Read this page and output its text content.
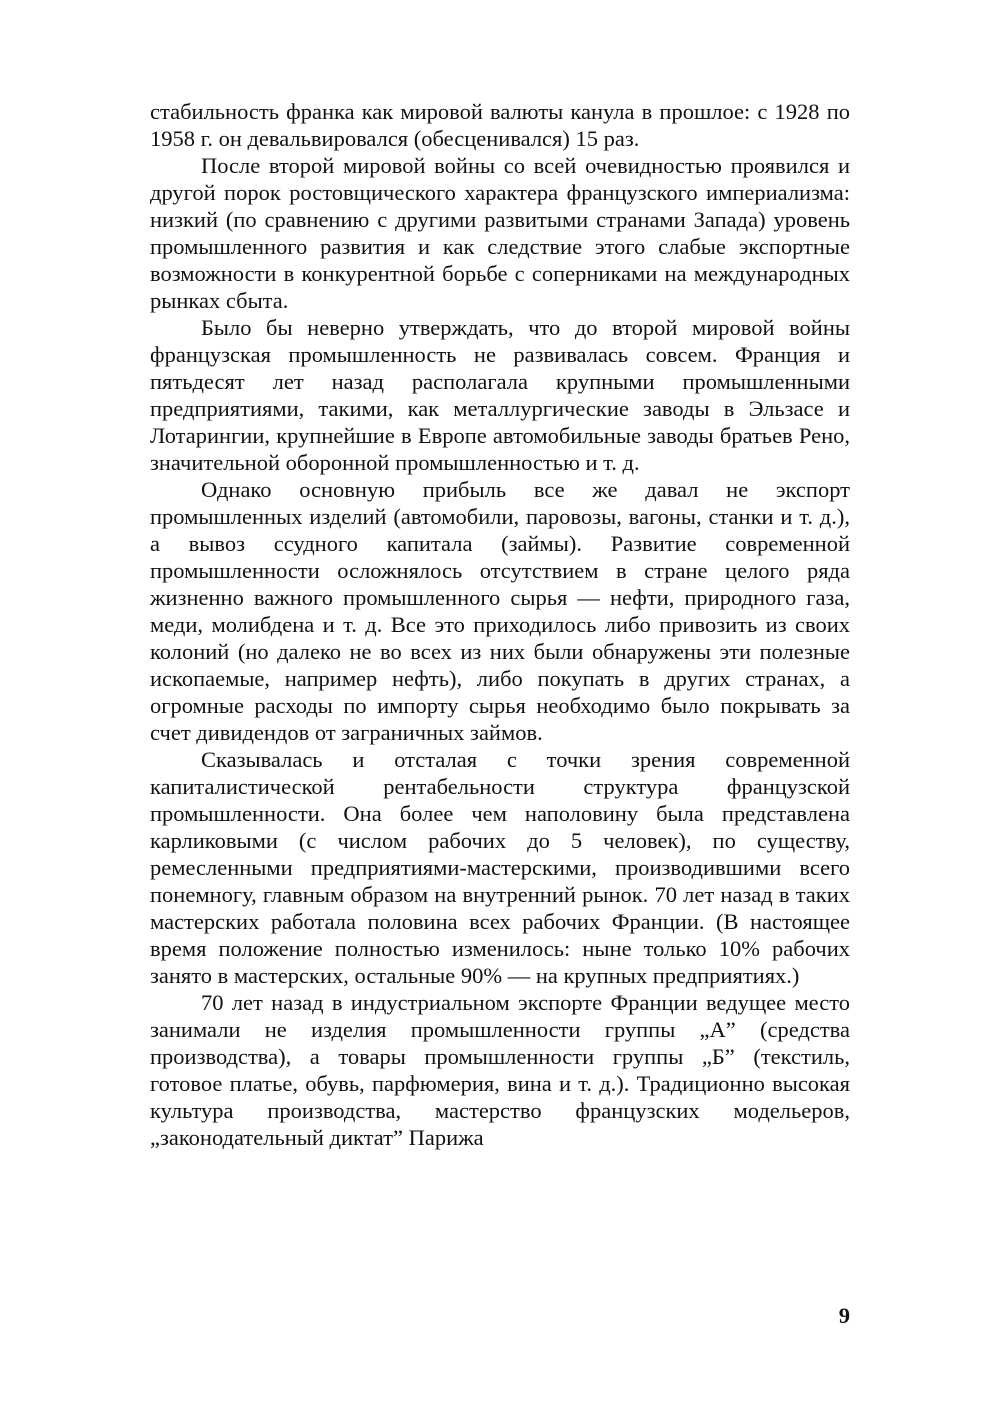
стабильность франка как мировой валюты канула в прошлое: с 1928 по 1958 г. он девальвировался (обесценивался) 15 раз.

После второй мировой войны со всей очевидностью проявился и другой порок ростовщического характера французского империализма: низкий (по сравнению с другими развитыми странами Запада) уровень промышленного развития и как следствие этого слабые экспортные возможности в конкурентной борьбе с соперниками на международных рынках сбыта.

Было бы неверно утверждать, что до второй мировой войны французская промышленность не развивалась совсем. Франция и пятьдесят лет назад располагала крупными промышленными предприятиями, такими, как металлургические заводы в Эльзасе и Лотарингии, крупнейшие в Европе автомобильные заводы братьев Рено, значительной оборонной промышленностью и т. д.

Однако основную прибыль все же давал не экспорт промышленных изделий (автомобили, паровозы, вагоны, станки и т. д.), а вывоз ссудного капитала (займы). Развитие современной промышленности осложнялось отсутствием в стране целого ряда жизненно важного промышленного сырья — нефти, природного газа, меди, молибдена и т. д. Все это приходилось либо привозить из своих колоний (но далеко не во всех из них были обнаружены эти полезные ископаемые, например нефть), либо покупать в других странах, а огромные расходы по импорту сырья необходимо было покрывать за счет дивидендов от заграничных займов.

Сказывалась и отсталая с точки зрения современной капиталистической рентабельности структура французской промышленности. Она более чем наполовину была представлена карликовыми (с числом рабочих до 5 человек), по существу, ремесленными предприятиями-мастерскими, производившими всего понемногу, главным образом на внутренний рынок. 70 лет назад в таких мастерских работала половина всех рабочих Франции. (В настоящее время положение полностью изменилось: ныне только 10% рабочих занято в мастерских, остальные 90% — на крупных предприятиях.)

70 лет назад в индустриальном экспорте Франции ведущее место занимали не изделия промышленности группы „А” (средства производства), а товары промышленности группы „Б” (текстиль, готовое платье, обувь, парфюмерия, вина и т. д.). Традиционно высокая культура производства, мастерство французских модельеров, „законодательный диктат” Парижа

9
